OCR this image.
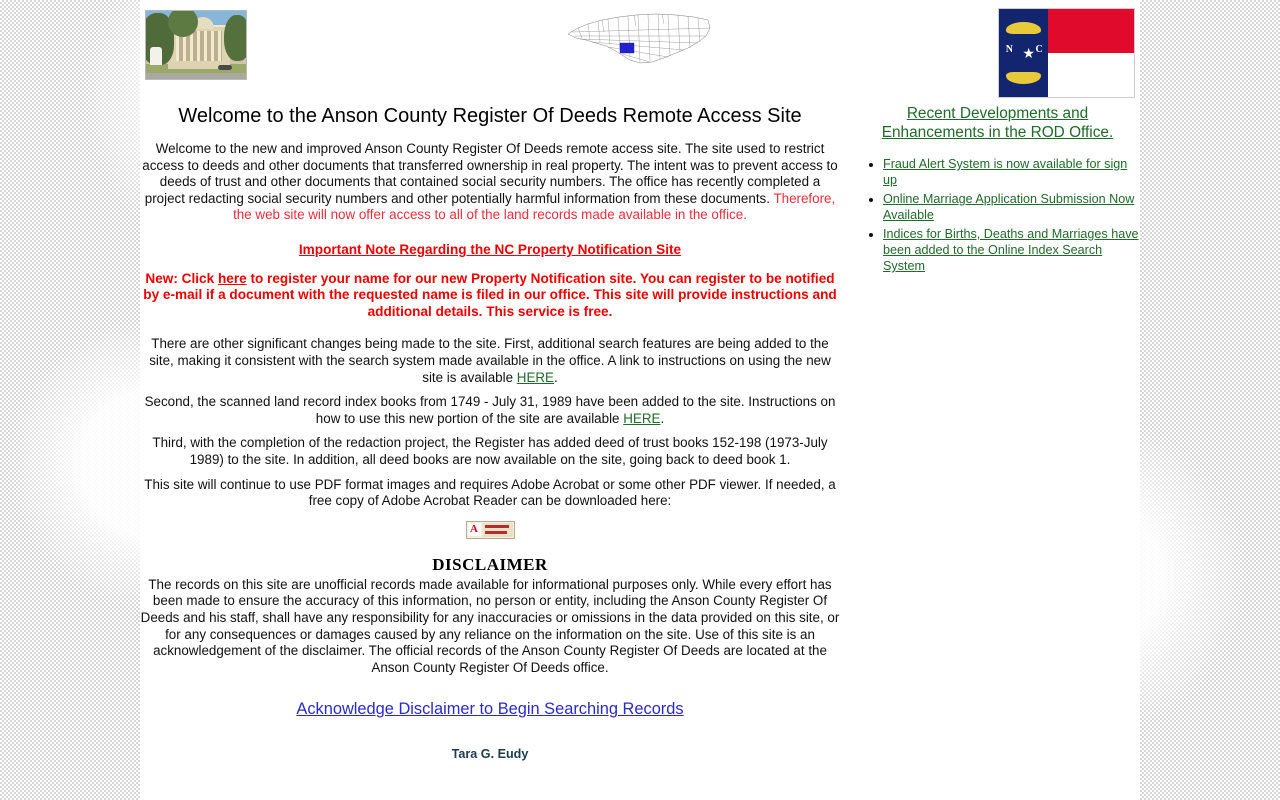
N ★ C
Welcome to the Anson County Register Of Deeds Remote Access Site

Welcome to the new and improved Anson County Register Of Deeds remote access site. The site used to restrict access to deeds and other documents that transferred ownership in real property. The intent was to prevent access to deeds of trust and other documents that contained social security numbers. The office has recently completed a project redacting social security numbers and other potentially harmful information from these documents. Therefore, the web site will now offer access to all of the land records made available in the office.

Important Note Regarding the NC Property Notification Site

New: Click here to register your name for our new Property Notification site. You can register to be notified by e-mail if a document with the requested name is filed in our office. This site will provide instructions and additional details. This service is free.

There are other significant changes being made to the site. First, additional search features are being added to the site, making it consistent with the search system made available in the office. A link to instructions on using the new site is available HERE.

Second, the scanned land record index books from 1749 - July 31, 1989 have been added to the site. Instructions on how to use this new portion of the site are available HERE.

Third, with the completion of the redaction project, the Register has added deed of trust books 152-198 (1973-July 1989) to the site. In addition, all deed books are now available on the site, going back to deed book 1.

This site will continue to use PDF format images and requires Adobe Acrobat or some other PDF viewer. If needed, a free copy of Adobe Acrobat Reader can be downloaded here:

A
DISCLAIMER

The records on this site are unofficial records made available for informational purposes only. While every effort has been made to ensure the accuracy of this information, no person or entity, including the Anson County Register Of Deeds and his staff, shall have any responsibility for any inaccuracies or omissions in the data provided on this site, or for any consequences or damages caused by any reliance on the information on the site. Use of this site is an acknowledgement of the disclaimer. The official records of the Anson County Register Of Deeds are located at the Anson County Register Of Deeds office.

Acknowledge Disclaimer to Begin Searching Records
Tara G. Eudy
Recent Developments and Enhancements in the ROD Office.
• Fraud Alert System is now available for sign up
• Online Marriage Application Submission Now Available
• Indices for Births, Deaths and Marriages have been added to the Online Index Search System
